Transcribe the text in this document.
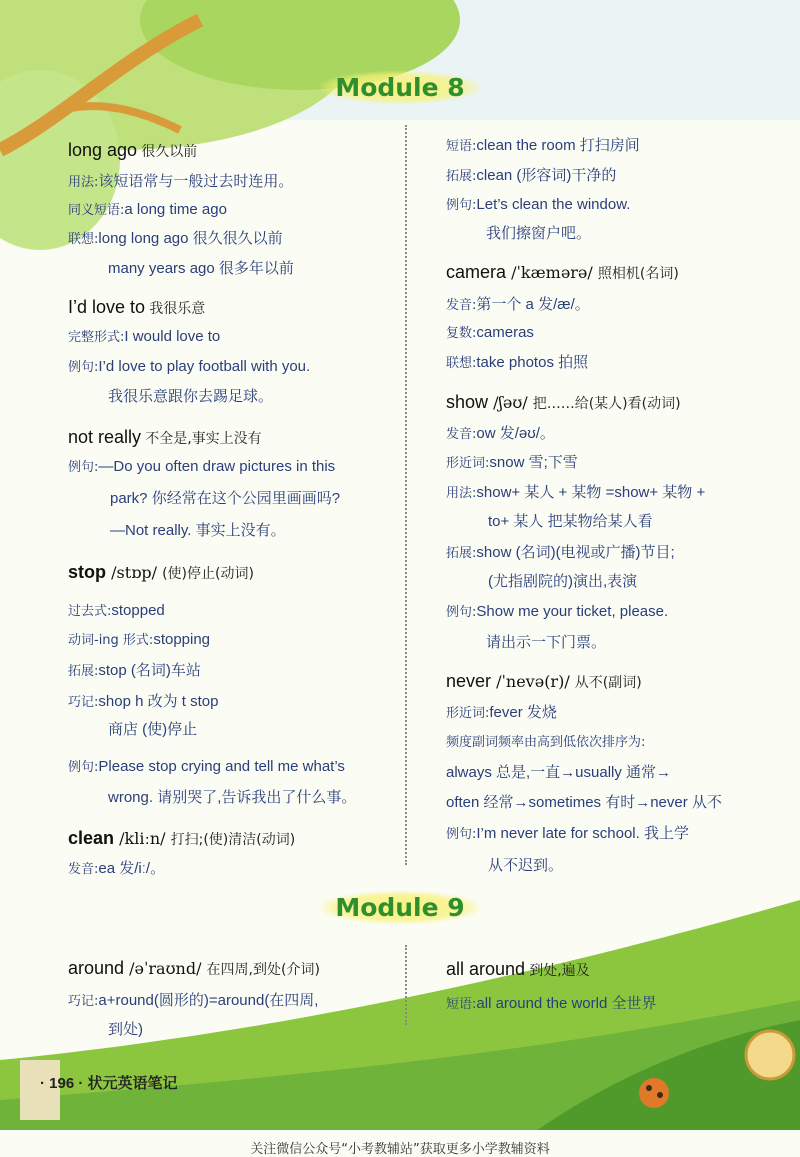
Module 8
long ago 很久以前
用法:该短语常与一般过去时连用。
同义短语:a long time ago
联想:long long ago 很久很久以前
many years ago 很多年以前
I’d love to 我很乐意
完整形式:I would love to
例句:I’d love to play football with you.
我很乐意跟你去踢足球。
not really 不全是,事实上没有
例句:—Do you often draw pictures in this
park? 你经常在这个公园里画画吗?
—Not really. 事实上没有。
stop /stɒp/ (使)停止(动词)
过去式:stopped
动词-ing 形式:stopping
拓展:stop (名词)车站
巧记:shop h 改为 t stop
商店 (使)停止
例句:Please stop crying and tell me what’s
wrong. 请别哭了,告诉我出了什么事。
clean /kliːn/ 打扫;(使)清洁(动词)
发音:ea 发/iː/。
短语:clean the room 打扫房间
拓展:clean (形容词)干净的
例句:Let’s clean the window.
我们擦窗户吧。
camera /ˈkæmərə/ 照相机(名词)
发音:第一个 a 发/æ/。
复数:cameras
联想:take photos 拍照
show /ʃəʊ/ 把……给(某人)看(动词)
发音:ow 发/əʊ/。
形近词:snow 雪;下雪
用法:show+ 某人 + 某物 =show+ 某物 +
to+ 某人 把某物给某人看
拓展:show (名词)(电视或广播)节目;
(尤指剧院的)演出,表演
例句:Show me your ticket, please.
请出示一下门票。
never /ˈnevə(r)/ 从不(副词)
形近词:fever 发烧
频度副词频率由高到低依次排序为:
always 总是,一直→usually 通常→
often 经常→sometimes 有时→never 从不
例句:I’m never late for school. 我上学
从不迟到。
Module 9
around /əˈraʊnd/ 在四周,到处(介词)
巧记:a+round(圆形的)=around(在四周,
到处)
all around 到处,遍及
短语:all around the world 全世界
· 196 · 状元英语笔记
关注微信公众号“小考教辅站”获取更多小学教辅资料
